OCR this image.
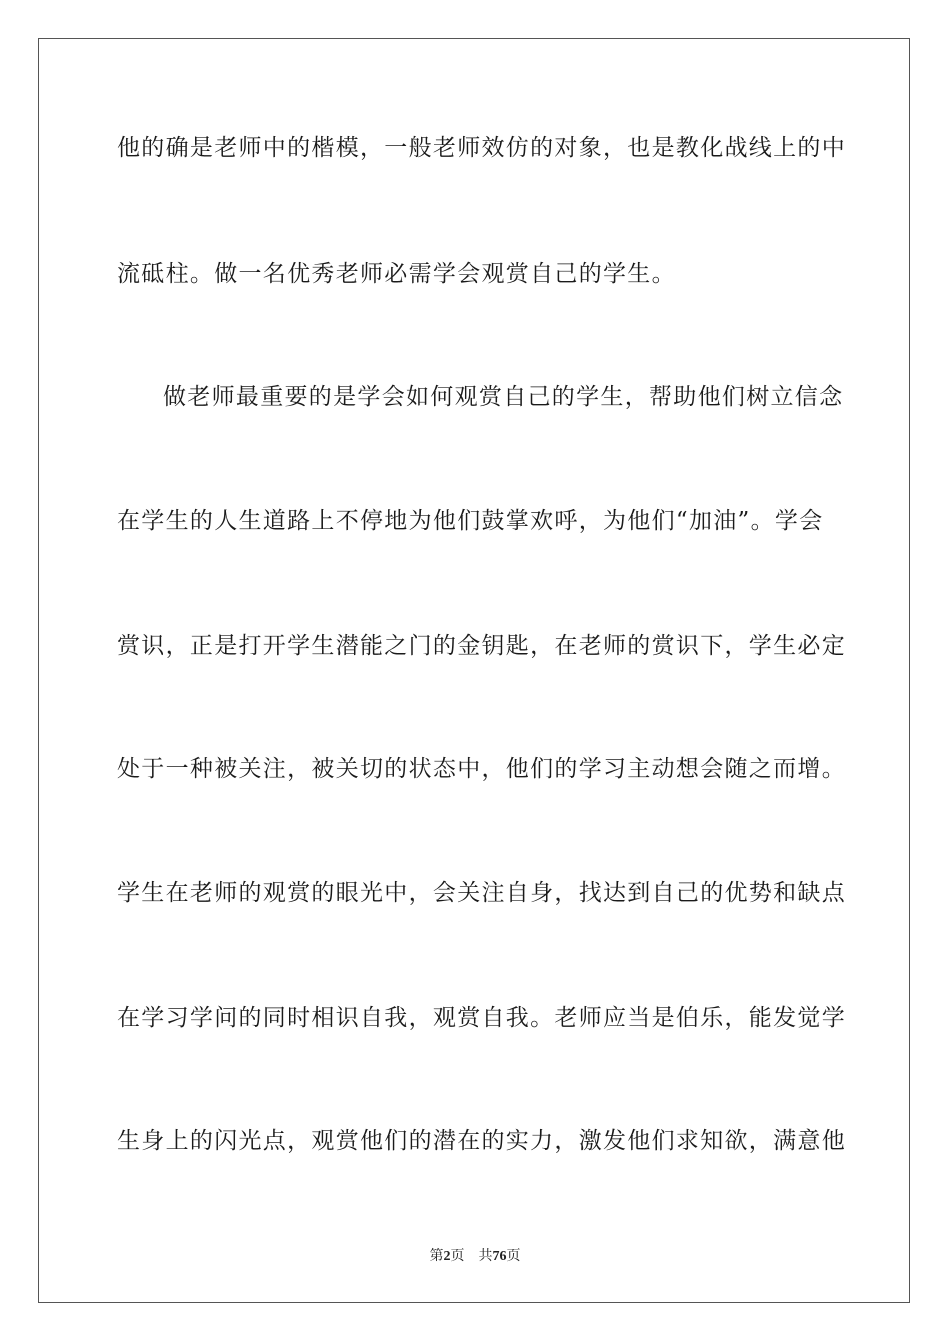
他的确是老师中的楷模，一般老师效仿的对象，也是教化战线上的中
流砥柱。做一名优秀老师必需学会观赏自己的学生。
做老师最重要的是学会如何观赏自己的学生，帮助他们树立信念
在学生的人生道路上不停地为他们鼓掌欢呼，为他们“加油”。学会
赏识，正是打开学生潜能之门的金钥匙，在老师的赏识下，学生必定
处于一种被关注，被关切的状态中，他们的学习主动想会随之而增。
学生在老师的观赏的眼光中，会关注自身，找达到自己的优势和缺点
在学习学问的同时相识自我，观赏自我。老师应当是伯乐，能发觉学
生身上的闪光点，观赏他们的潜在的实力，激发他们求知欲，满意他
第2页 共76页
